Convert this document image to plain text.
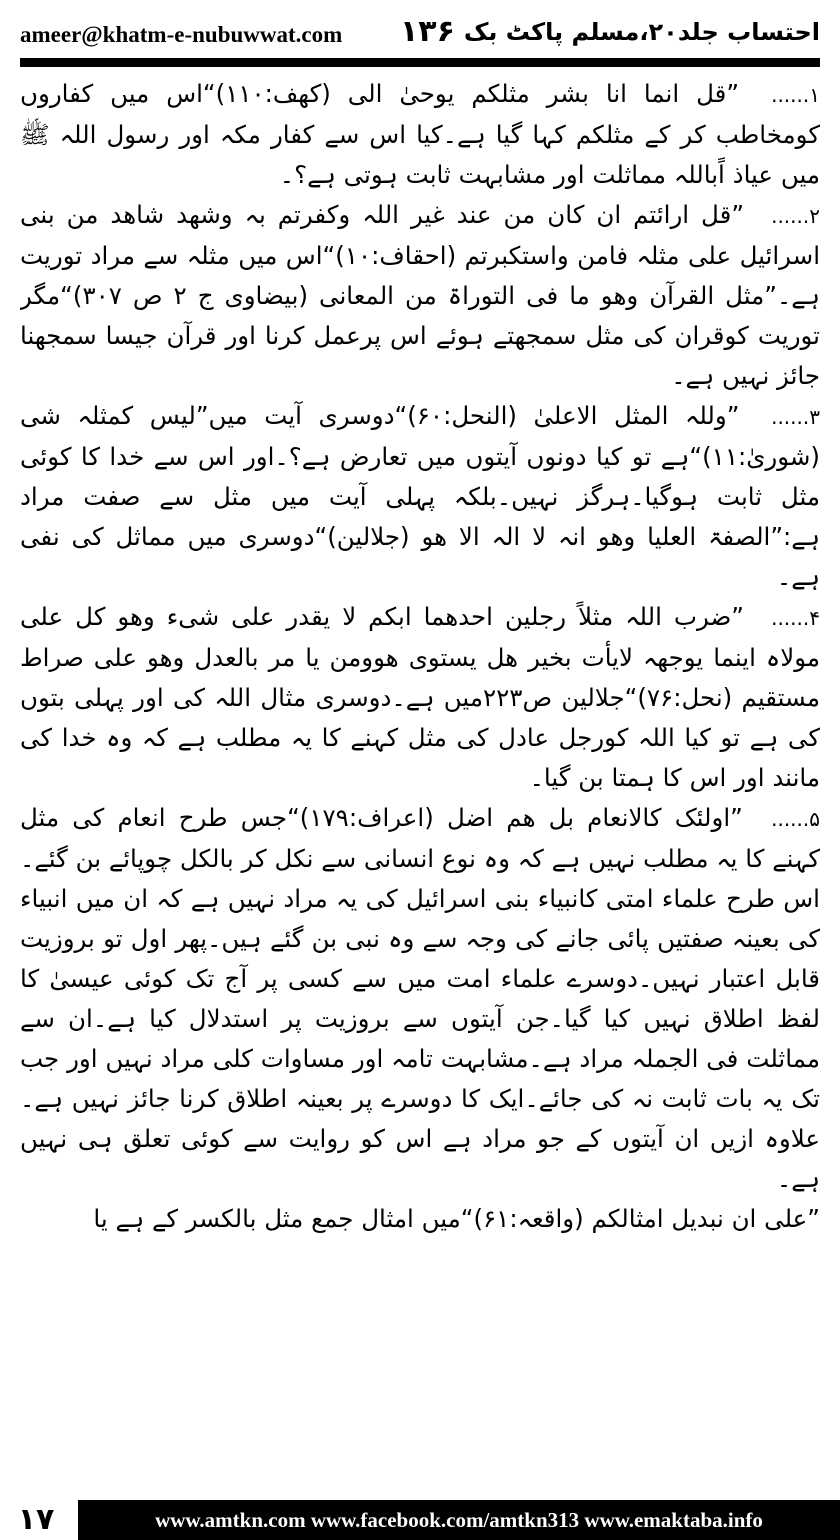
ameer@khatm-e-nubuwwat.com ۱۳۶ احتساب جلد۲۰،مسلم پاکٹ بک

۱...... ”قل انما انا بشر مثلکم یوحیٰ الی (کھف:۱۱۰)“اس میں کفاروں کومخاطب کر کے مثلکم کہا گیا ہے۔کیا اس سے کفار مکہ اور رسول اللہ ﷺ میں عیاذ اًباللہ مماثلت اور مشابہت ثابت ہوتی ہے؟۔

۲...... ”قل ارائتم ان کان من عند غیر اللہ وکفرتم بہ وشھد شاھد من بنی اسرائیل علی مثلہ فامن واستکبرتم (احقاف:۱۰)“اس میں مثلہ سے مراد توریت ہے۔”مثل القرآن وھو ما فی التوراۃ من المعانی (بیضاوی ج ۲ ص ۳۰۷)“مگر توریت کوقران کی مثل سمجھتے ہوئے اس پرعمل کرنا اور قرآن جیسا سمجھنا جائز نہیں ہے۔

۳...... ”وللہ المثل الاعلیٰ (النحل:۶۰)“دوسری آیت میں”لیس کمثلہ شی (شوریٰ:۱۱)“ہے تو کیا دونوں آیتوں میں تعارض ہے؟۔اور اس سے خدا کا کوئی مثل ثابت ہوگیا۔ہرگز نہیں۔بلکہ پہلی آیت میں مثل سے صفت مراد ہے:”الصفۃ العلیا وھو انہ لا الہ الا ھو (جلالین)“دوسری میں مماثل کی نفی ہے۔

۴...... ”ضرب اللہ مثلاً رجلین احدھما ابکم لا یقدر علی شیء وھو کل علی مولاہ اینما یوجھہ لایأت بخیر ھل یستوی ھوومن یا مر بالعدل وھو علی صراط مستقیم (نحل:۷۶)“جلالین ص۲۲۳میں ہے۔دوسری مثال اللہ کی اور پہلی بتوں کی ہے تو کیا اللہ کورجل عادل کی مثل کہنے کا یہ مطلب ہے کہ وہ خدا کی مانند اور اس کا ہمتا بن گیا۔

۵...... ”اولئک کالانعام بل ھم اضل (اعراف:۱۷۹)“جس طرح انعام کی مثل کہنے کا یہ مطلب نہیں ہے کہ وہ نوع انسانی سے نکل کر بالکل چوپائے بن گئے۔اس طرح علماء امتی کانبیاء بنی اسرائیل کی یہ مراد نہیں ہے کہ ان میں انبیاء کی بعینہ صفتیں پائی جانے کی وجہ سے وہ نبی بن گئے ہیں۔پھر اول تو بروزیت قابل اعتبار نہیں۔دوسرے علماء امت میں سے کسی پر آج تک کوئی عیسیٰ کا لفظ اطلاق نہیں کیا گیا۔جن آیتوں سے بروزیت پر استدلال کیا ہے۔ان سے مماثلت فی الجملہ مراد ہے۔مشابہت تامہ اور مساوات کلی مراد نہیں اور جب تک یہ بات ثابت نہ کی جائے۔ایک کا دوسرے پر بعینہ اطلاق کرنا جائز نہیں ہے۔علاوہ ازیں ان آیتوں کے جو مراد ہے اس کو روایت سے کوئی تعلق ہی نہیں ہے۔

”علی ان نبدیل امثالکم (واقعہ:۶۱)“میں امثال جمع مثل بالکسر کے ہے یا

۱۷	www.amtkn.com www.facebook.com/amtkn313 www.emaktaba.info
